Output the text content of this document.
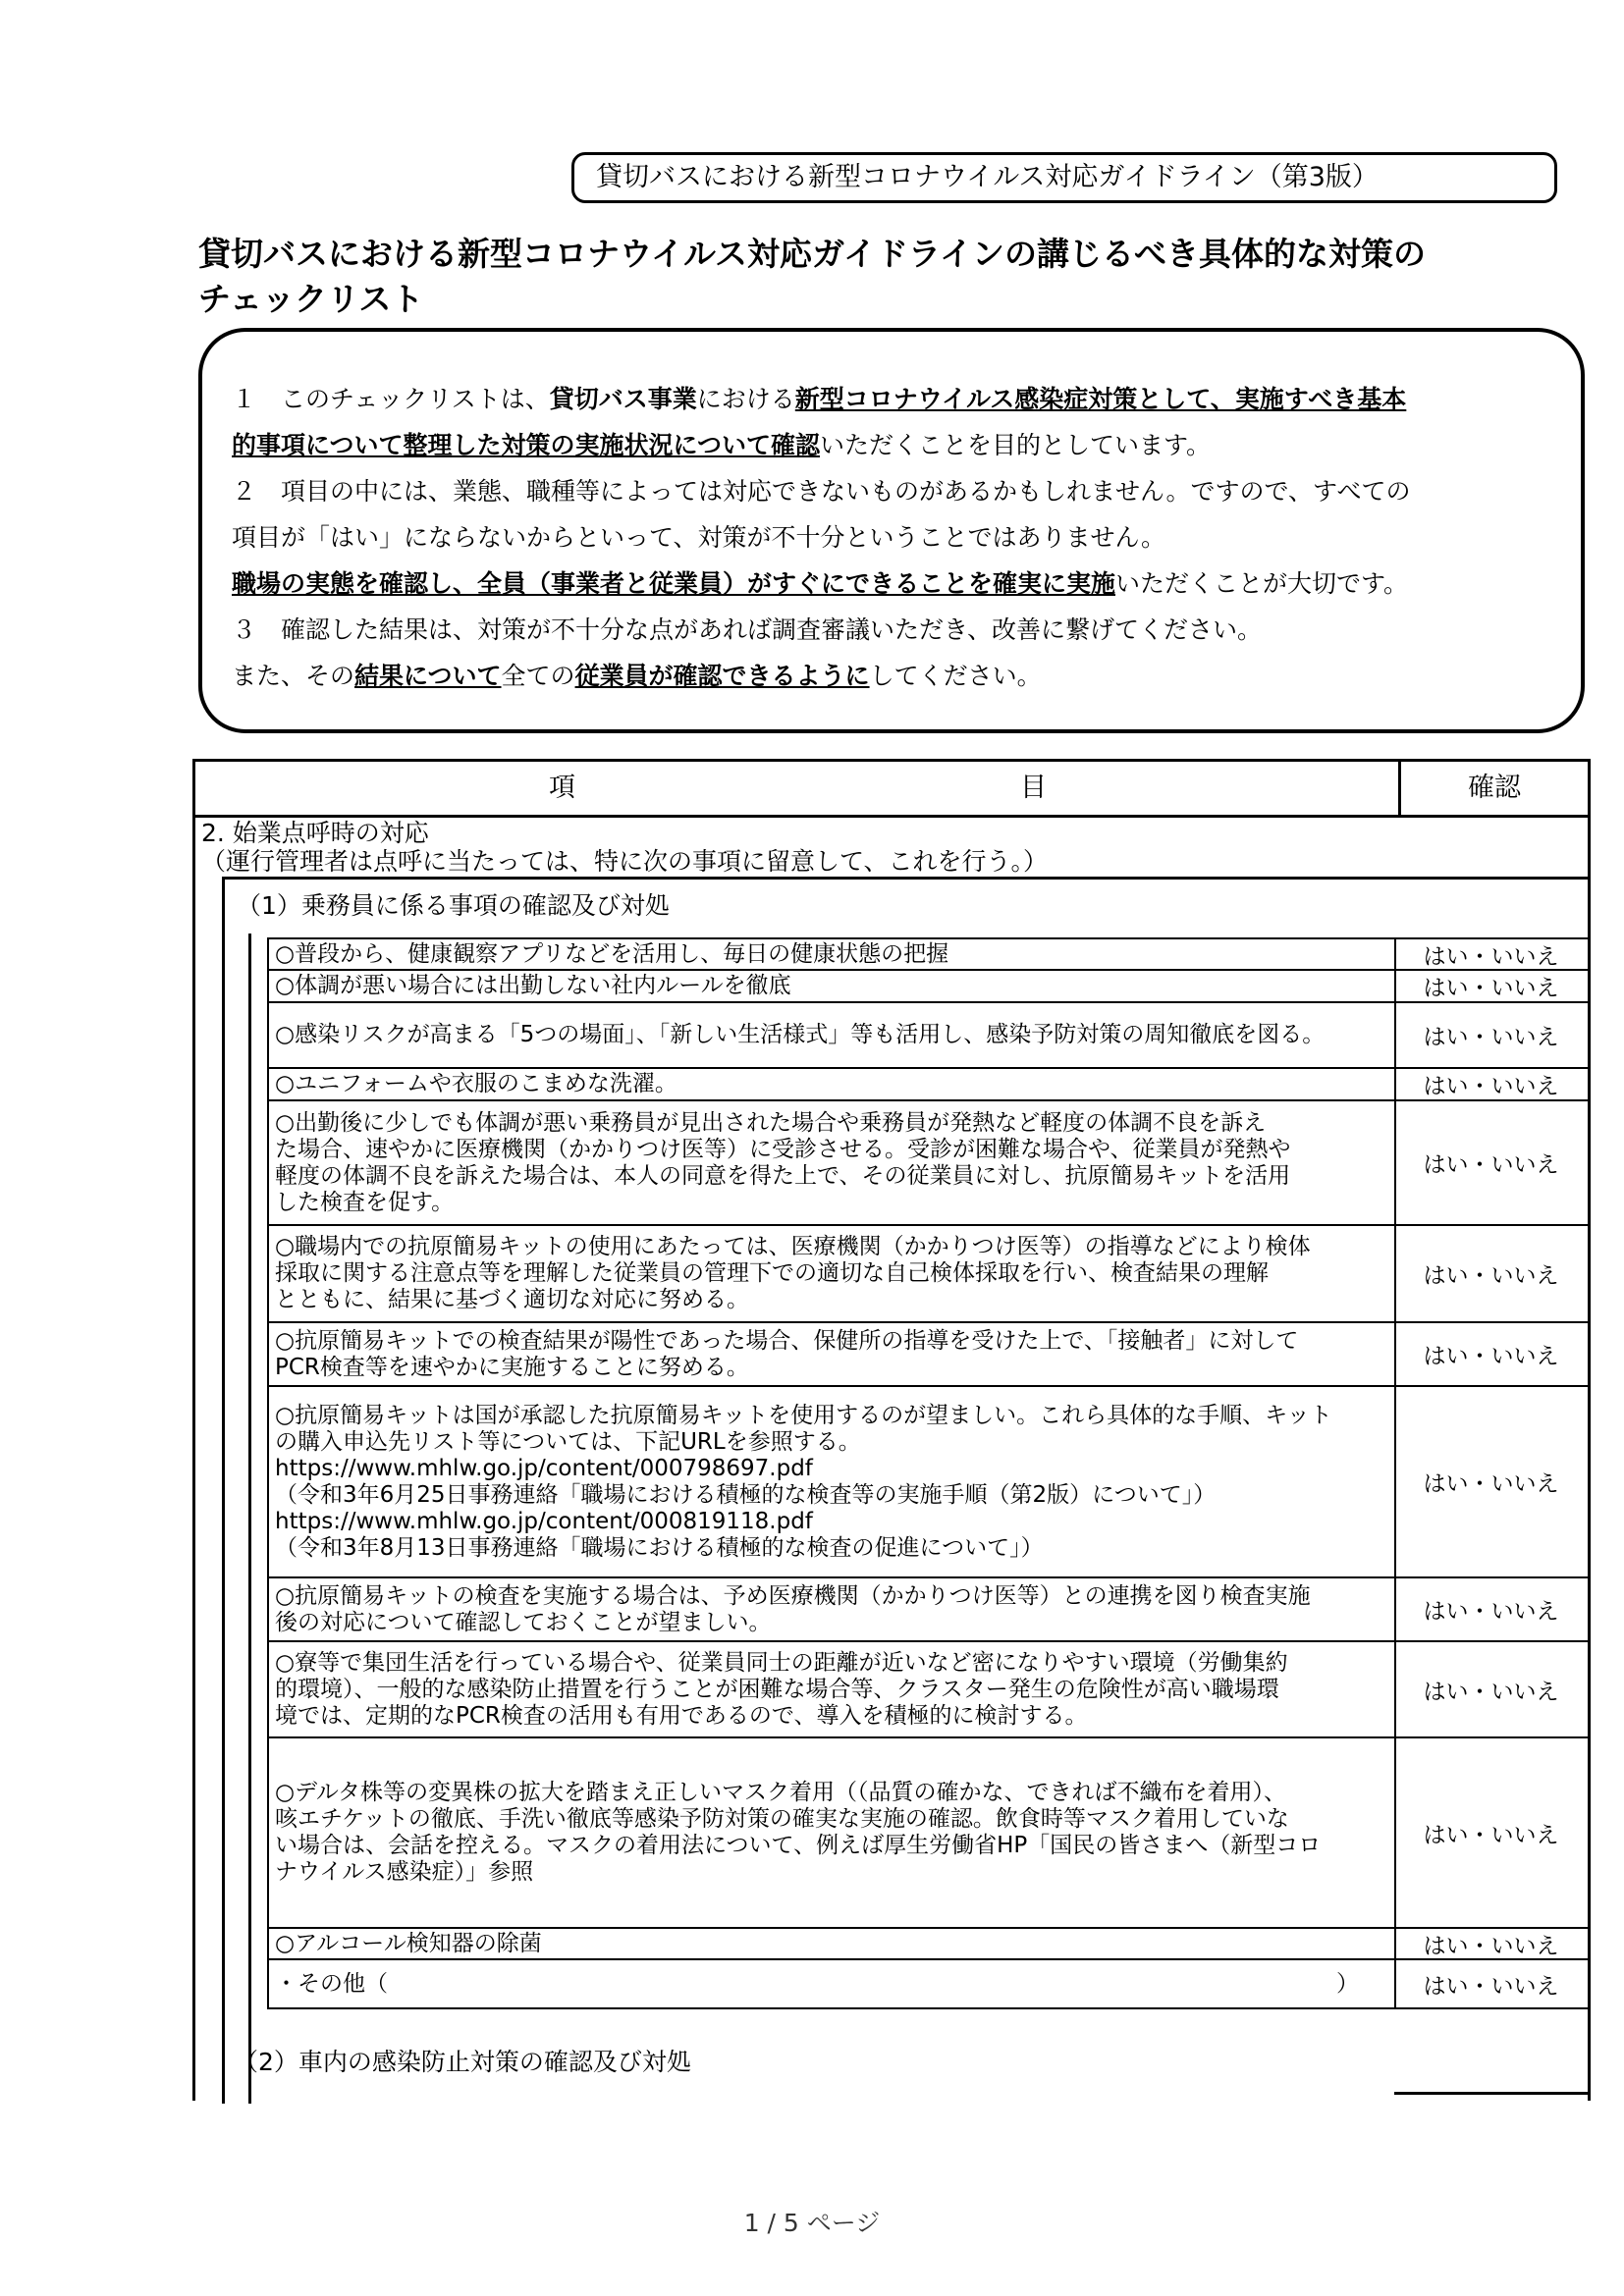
貸切バスにおける新型コロナウイルス対応ガイドライン（第3版）
貸切バスにおける新型コロナウイルス対応ガイドラインの講じるべき具体的な対策の
チェックリスト

１　このチェックリストは、貸切バス事業における新型コロナウイルス感染症対策として、実施すべき基本

的事項について整理した対策の実施状況について確認いただくことを目的としています。

２　項目の中には、業態、職種等によっては対応できないものがあるかもしれません。ですので、すべての

項目が「はい」にならないからといって、対策が不十分ということではありません。

職場の実態を確認し、全員（事業者と従業員）がすぐにできることを確実に実施いただくことが大切です。

３　確認した結果は、対策が不十分な点があれば調査審議いただき、改善に繋げてください。

また、その結果について全ての従業員が確認できるようにしてください。

項	目	確認
2. 始業点呼時の対応
（運行管理者は点呼に当たっては、特に次の事項に留意して、これを行う。）
（1）乗務員に係る事項の確認及び対処
○普段から、健康観察アプリなどを活用し、毎日の健康状態の把握	はい・いいえ
○体調が悪い場合には出勤しない社内ルールを徹底	はい・いいえ
○感染リスクが高まる「5つの場面」、「新しい生活様式」等も活用し、感染予防対策の周知徹底を図る。	はい・いいえ
○ユニフォームや衣服のこまめな洗濯。	はい・いいえ
○出勤後に少しでも体調が悪い乗務員が見出された場合や乗務員が発熱など軽度の体調不良を訴え
た場合、速やかに医療機関（かかりつけ医等）に受診させる。受診が困難な場合や、従業員が発熱や
軽度の体調不良を訴えた場合は、本人の同意を得た上で、その従業員に対し、抗原簡易キットを活用
した検査を促す。
はい・いいえ
○職場内での抗原簡易キットの使用にあたっては、医療機関（かかりつけ医等）の指導などにより検体
採取に関する注意点等を理解した従業員の管理下での適切な自己検体採取を行い、検査結果の理解
とともに、結果に基づく適切な対応に努める。
はい・いいえ
○抗原簡易キットでの検査結果が陽性であった場合、保健所の指導を受けた上で、「接触者」に対して
PCR検査等を速やかに実施することに努める。	はい・いいえ
○抗原簡易キットは国が承認した抗原簡易キットを使用するのが望ましい。これら具体的な手順、キット
の購入申込先リスト等については、下記URLを参照する。
https://www.mhlw.go.jp/content/000798697.pdf
（令和3年6月25日事務連絡「職場における積極的な検査等の実施手順（第2版）について」）
https://www.mhlw.go.jp/content/000819118.pdf
（令和3年8月13日事務連絡「職場における積極的な検査の促進について」）
はい・いいえ
○抗原簡易キットの検査を実施する場合は、予め医療機関（かかりつけ医等）との連携を図り検査実施
後の対応について確認しておくことが望ましい。	はい・いいえ
○寮等で集団生活を行っている場合や、従業員同士の距離が近いなど密になりやすい環境（労働集約
的環境）、一般的な感染防止措置を行うことが困難な場合等、クラスター発生の危険性が高い職場環
境では、定期的なPCR検査の活用も有用であるので、導入を積極的に検討する。
はい・いいえ
○デルタ株等の変異株の拡大を踏まえ正しいマスク着用（（品質の確かな、できれば不織布を着用）、
咳エチケットの徹底、手洗い徹底等感染予防対策の確実な実施の確認。飲食時等マスク着用していな
い場合は、会話を控える。マスクの着用法について、例えば厚生労働省HP「国民の皆さまへ（新型コロ
ナウイルス感染症）」参照
はい・いいえ
○アルコール検知器の除菌	はい・いいえ
・その他（　　　　　　　　　　　　　　　　　　　　　　　　　　　　　　　　　　　　　　　　　　）	はい・いいえ
（2）車内の感染防止対策の確認及び対処
1 / 5 ページ
